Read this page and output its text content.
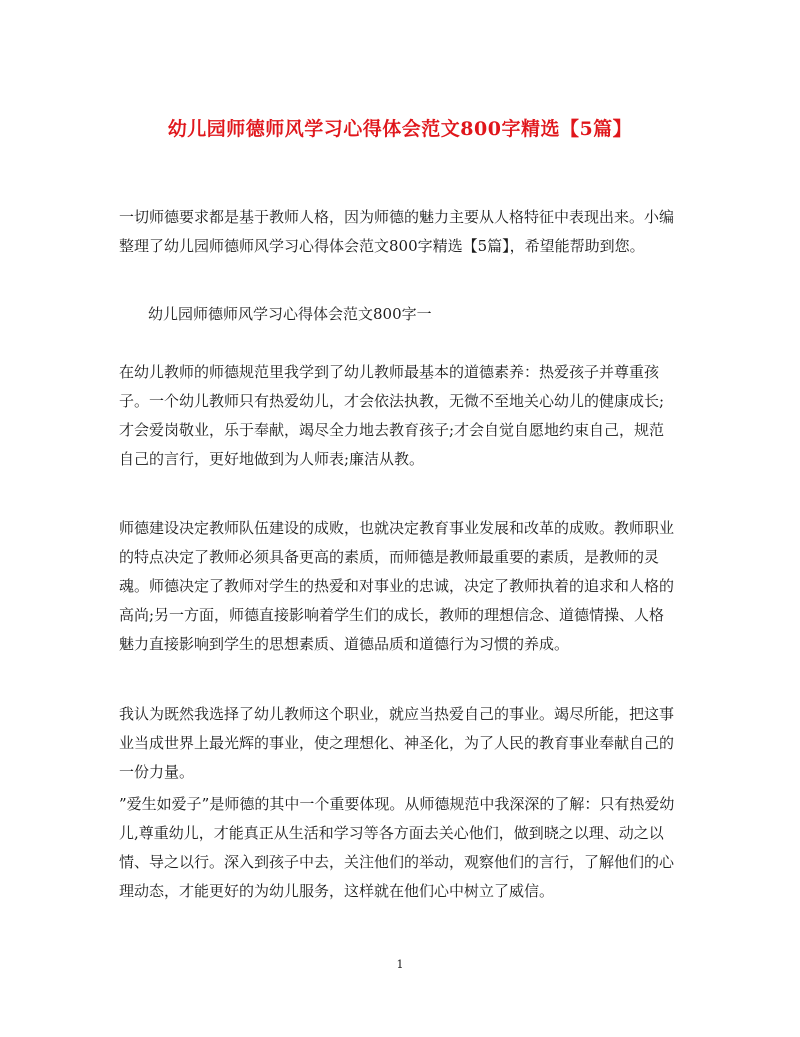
幼儿园师德师风学习心得体会范文800字精选【5篇】

一切师德要求都是基于教师人格，因为师德的魅力主要从人格特征中表现出来。小编整理了幼儿园师德师风学习心得体会范文800字精选【5篇】，希望能帮助到您。

幼儿园师德师风学习心得体会范文800字一

在幼儿教师的师德规范里我学到了幼儿教师最基本的道德素养：热爱孩子并尊重孩子。一个幼儿教师只有热爱幼儿，才会依法执教，无微不至地关心幼儿的健康成长;才会爱岗敬业，乐于奉献，竭尽全力地去教育孩子;才会自觉自愿地约束自己，规范自己的言行，更好地做到为人师表;廉洁从教。

师德建设决定教师队伍建设的成败，也就决定教育事业发展和改革的成败。教师职业的特点决定了教师必须具备更高的素质，而师德是教师最重要的素质，是教师的灵魂。师德决定了教师对学生的热爱和对事业的忠诚，决定了教师执着的追求和人格的高尚;另一方面，师德直接影响着学生们的成长，教师的理想信念、道德情操、人格魅力直接影响到学生的思想素质、道德品质和道德行为习惯的养成。

我认为既然我选择了幼儿教师这个职业，就应当热爱自己的事业。竭尽所能，把这事业当成世界上最光辉的事业，使之理想化、神圣化，为了人民的教育事业奉献自己的一份力量。

”爱生如爱子”是师德的其中一个重要体现。从师德规范中我深深的了解：只有热爱幼儿,尊重幼儿，才能真正从生活和学习等各方面去关心他们，做到晓之以理、动之以情、导之以行。深入到孩子中去，关注他们的举动，观察他们的言行，了解他们的心理动态，才能更好的为幼儿服务，这样就在他们心中树立了威信。

1
